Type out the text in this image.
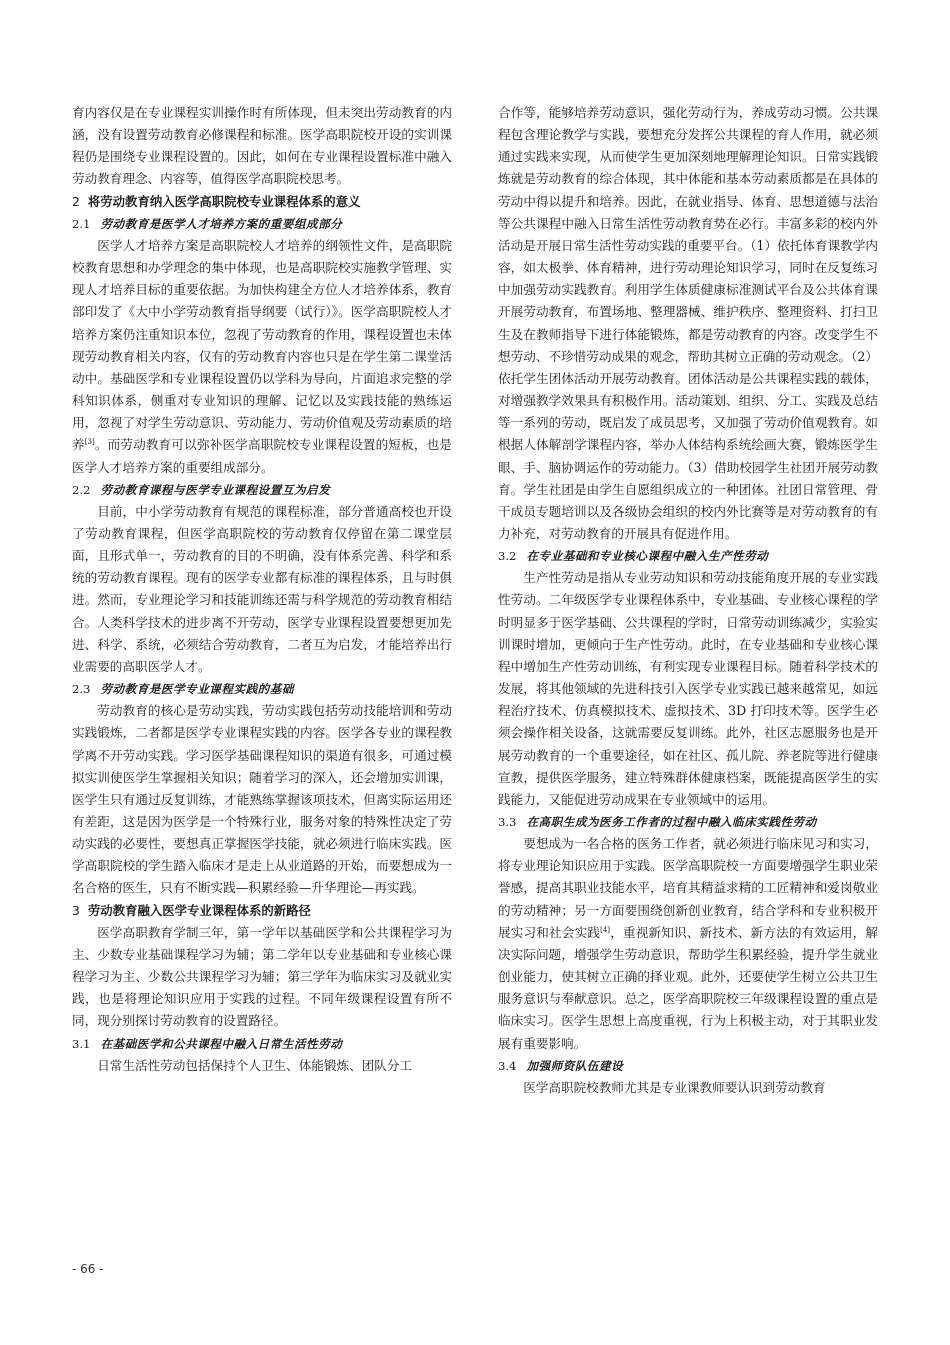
育内容仅是在专业课程实训操作时有所体现，但未突出劳动教育的内涵，没有设置劳动教育必修课程和标准。医学高职院校开设的实训课程仍是围绕专业课程设置的。因此，如何在专业课程设置标准中融入劳动教育理念、内容等，值得医学高职院校思考。

2 将劳动教育纳入医学高职院校专业课程体系的意义

2.1 劳动教育是医学人才培养方案的重要组成部分

医学人才培养方案是高职院校人才培养的纲领性文件，是高职院校教育思想和办学理念的集中体现，也是高职院校实施教学管理、实现人才培养目标的重要依据。为加快构建全方位人才培养体系，教育部印发了《大中小学劳动教育指导纲要（试行）》。医学高职院校人才培养方案仍注重知识本位，忽视了劳动教育的作用，课程设置也未体现劳动教育相关内容，仅有的劳动教育内容也只是在学生第二课堂活动中。基础医学和专业课程设置仍以学科为导向，片面追求完整的学科知识体系，侧重对专业知识的理解、记忆以及实践技能的熟练运用，忽视了对学生劳动意识、劳动能力、劳动价值观及劳动素质的培养[3]。而劳动教育可以弥补医学高职院校专业课程设置的短板，也是医学人才培养方案的重要组成部分。

2.2 劳动教育课程与医学专业课程设置互为启发

目前，中小学劳动教育有规范的课程标准，部分普通高校也开设了劳动教育课程，但医学高职院校的劳动教育仅停留在第二课堂层面，且形式单一，劳动教育的目的不明确，没有体系完善、科学和系统的劳动教育课程。现有的医学专业都有标准的课程体系，且与时俱进。然而，专业理论学习和技能训练还需与科学规范的劳动教育相结合。人类科学技术的进步离不开劳动，医学专业课程设置要想更加先进、科学、系统，必须结合劳动教育，二者互为启发，才能培养出行业需要的高职医学人才。

2.3 劳动教育是医学专业课程实践的基础

劳动教育的核心是劳动实践，劳动实践包括劳动技能培训和劳动实践锻炼，二者都是医学专业课程实践的内容。医学各专业的课程教学离不开劳动实践。学习医学基础课程知识的渠道有很多，可通过模拟实训使医学生掌握相关知识；随着学习的深入，还会增加实训课，医学生只有通过反复训练，才能熟练掌握该项技术，但离实际运用还有差距，这是因为医学是一个特殊行业，服务对象的特殊性决定了劳动实践的必要性，要想真正掌握医学技能，就必须进行临床实践。医学高职院校的学生踏入临床才是走上从业道路的开始，而要想成为一名合格的医生，只有不断实践—积累经验—升华理论—再实践。

3 劳动教育融入医学专业课程体系的新路径

医学高职教育学制三年，第一学年以基础医学和公共课程学习为主、少数专业基础课程学习为辅；第二学年以专业基础和专业核心课程学习为主、少数公共课程学习为辅；第三学年为临床实习及就业实践，也是将理论知识应用于实践的过程。不同年级课程设置有所不同，现分别探讨劳动教育的设置路径。

3.1 在基础医学和公共课程中融入日常生活性劳动

日常生活性劳动包括保持个人卫生、体能锻炼、团队分工

合作等，能够培养劳动意识，强化劳动行为，养成劳动习惯。公共课程包含理论教学与实践，要想充分发挥公共课程的育人作用，就必须通过实践来实现，从而使学生更加深刻地理解理论知识。日常实践锻炼就是劳动教育的综合体现，其中体能和基本劳动素质都是在具体的劳动中得以提升和培养。因此，在就业指导、体育、思想道德与法治等公共课程中融入日常生活性劳动教育势在必行。丰富多彩的校内外活动是开展日常生活性劳动实践的重要平台。（1）依托体育课教学内容，如太极拳、体育精神，进行劳动理论知识学习，同时在反复练习中加强劳动实践教育。利用学生体质健康标准测试平台及公共体育课开展劳动教育，布置场地、整理器械、维护秩序、整理资料、打扫卫生及在教师指导下进行体能锻炼，都是劳动教育的内容。改变学生不想劳动、不珍惜劳动成果的观念，帮助其树立正确的劳动观念。（2）依托学生团体活动开展劳动教育。团体活动是公共课程实践的载体，对增强教学效果具有积极作用。活动策划、组织、分工、实践及总结等一系列的劳动，既启发了成员思考，又加强了劳动价值观教育。如根据人体解剖学课程内容，举办人体结构系统绘画大赛，锻炼医学生眼、手、脑协调运作的劳动能力。（3）借助校园学生社团开展劳动教育。学生社团是由学生自愿组织成立的一种团体。社团日常管理、骨干成员专题培训以及各级协会组织的校内外比赛等是对劳动教育的有力补充，对劳动教育的开展具有促进作用。

3.2 在专业基础和专业核心课程中融入生产性劳动

生产性劳动是指从专业劳动知识和劳动技能角度开展的专业实践性劳动。二年级医学专业课程体系中，专业基础、专业核心课程的学时明显多于医学基础、公共课程的学时，日常劳动训练减少，实验实训课时增加，更倾向于生产性劳动。此时，在专业基础和专业核心课程中增加生产性劳动训练，有利实现专业课程目标。随着科学技术的发展，将其他领域的先进科技引入医学专业实践已越来越常见，如远程治疗技术、仿真模拟技术、虚拟技术、3D 打印技术等。医学生必须会操作相关设备，这就需要反复训练。此外，社区志愿服务也是开展劳动教育的一个重要途径，如在社区、孤儿院、养老院等进行健康宣教，提供医学服务，建立特殊群体健康档案，既能提高医学生的实践能力，又能促进劳动成果在专业领域中的运用。

3.3 在高职生成为医务工作者的过程中融入临床实践性劳动

要想成为一名合格的医务工作者，就必须进行临床见习和实习，将专业理论知识应用于实践。医学高职院校一方面要增强学生职业荣誉感，提高其职业技能水平，培育其精益求精的工匠精神和爱岗敬业的劳动精神；另一方面要围绕创新创业教育，结合学科和专业积极开展实习和社会实践[4]，重视新知识、新技术、新方法的有效运用，解决实际问题，增强学生劳动意识，帮助学生积累经验，提升学生就业创业能力，使其树立正确的择业观。此外，还要使学生树立公共卫生服务意识与奉献意识。总之，医学高职院校三年级课程设置的重点是临床实习。医学生思想上高度重视，行为上积极主动，对于其职业发展有重要影响。

3.4 加强师资队伍建设

医学高职院校教师尤其是专业课教师要认识到劳动教育

- 66 -
